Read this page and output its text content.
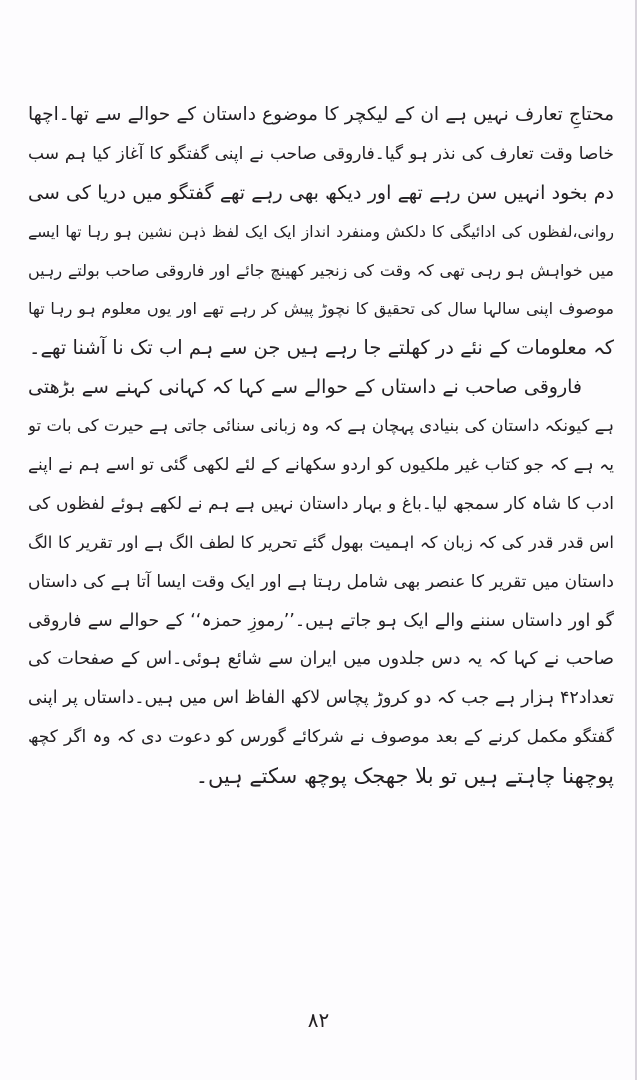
محتاجِ تعارف نہیں ہے ان کے لیکچر کا موضوع داستان کے حوالے سے تھا۔اچھا
خاصا وقت تعارف کی نذر ہو گیا۔فاروقی صاحب نے اپنی گفتگو کا آغاز کیا ہم سب
دم بخود انہیں سن رہے تھے اور دیکھ بھی رہے تھے گفتگو میں دریا کی سی
روانی،لفظوں کی ادائیگی کا دلکش ومنفرد انداز ایک ایک لفظ ذہن نشین ہو رہا تھا ایسے
میں خواہش ہو رہی تھی کہ وقت کی زنجیر کھینچ جائے اور فاروقی صاحب بولتے رہیں
موصوف اپنی سالہا سال کی تحقیق کا نچوڑ پیش کر رہے تھے اور یوں معلوم ہو رہا تھا
کہ معلومات کے نئے در کھلتے جا رہے ہیں جن سے ہم اب تک نا آشنا تھے۔
فاروقی صاحب نے داستاں کے حوالے سے کہا کہ کہانی کہنے سے بڑھتی
ہے کیونکہ داستان کی بنیادی پہچان ہے کہ وہ زبانی سنائی جاتی ہے حیرت کی بات تو
یہ ہے کہ جو کتاب غیر ملکیوں کو اردو سکھانے کے لئے لکھی گئی تو اسے ہم نے اپنے
ادب کا شاہ کار سمجھ لیا۔باغ و بہار داستان نہیں ہے ہم نے لکھے ہوئے لفظوں کی
اس قدر قدر کی کہ زبان کہ اہمیت بھول گئے تحریر کا لطف الگ ہے اور تقریر کا الگ
داستان میں تقریر کا عنصر بھی شامل رہتا ہے اور ایک وقت ایسا آتا ہے کی داستاں
گو اور داستاں سننے والے ایک ہو جاتے ہیں۔’’رموزِ حمزہ‘‘ کے حوالے سے فاروقی
صاحب نے کہا کہ یہ دس جلدوں میں ایران سے شائع ہوئی۔اس کے صفحات کی
تعداد۴۲ ہزار ہے جب کہ دو کروڑ پچاس لاکھ الفاظ اس میں ہیں۔داستاں پر اپنی
گفتگو مکمل کرنے کے بعد موصوف نے شرکائے گورس کو دعوت دی کہ وہ اگر کچھ
پوچھنا چاہتے ہیں تو بلا جھجک پوچھ سکتے ہیں۔
۸۲
